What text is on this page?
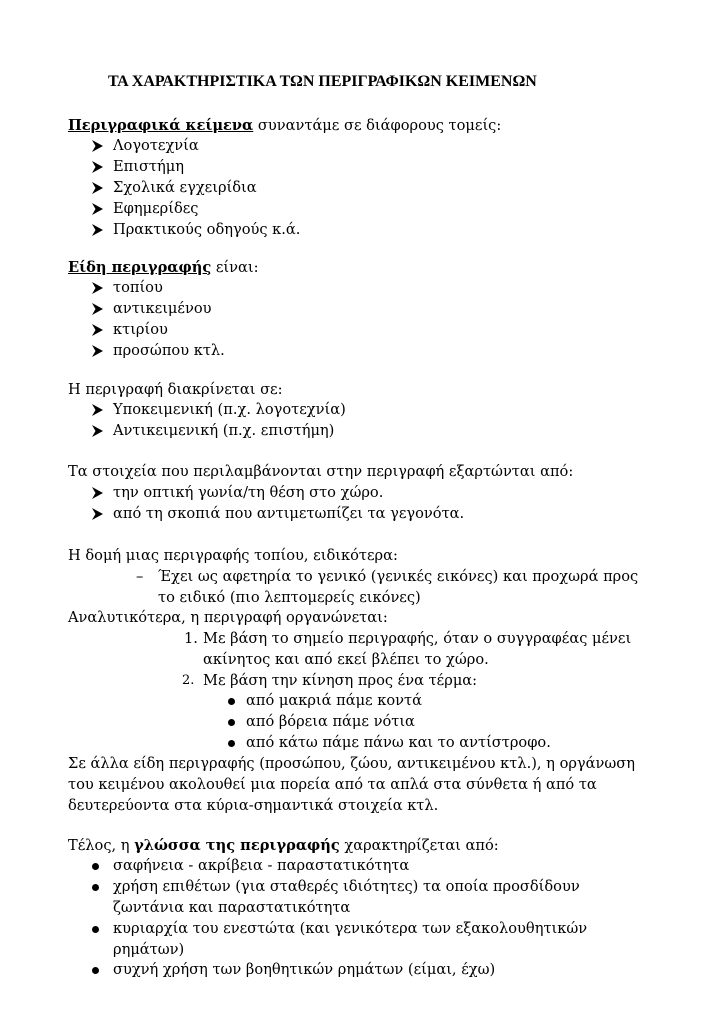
ΤΑ ΧΑΡΑΚΤΗΡΙΣΤΙΚΑ ΤΩΝ ΠΕΡΙΓΡΑΦΙΚΩΝ ΚΕΙΜΕΝΩΝ
Περιγραφικά κείμενα συναντάμε σε διάφορους τομείς:
Λογοτεχνία
Επιστήμη
Σχολικά εγχειρίδια
Εφημερίδες
Πρακτικούς οδηγούς κ.ά.
Είδη περιγραφής είναι:
τοπίου
αντικειμένου
κτιρίου
προσώπου κτλ.
Η περιγραφή διακρίνεται σε:
Υποκειμενική (π.χ. λογοτεχνία)
Αντικειμενική (π.χ. επιστήμη)
Τα στοιχεία που περιλαμβάνονται στην περιγραφή εξαρτώνται από:
την οπτική γωνία/τη θέση στο χώρο.
από τη σκοπιά που αντιμετωπίζει τα γεγονότα.
Η δομή μιας περιγραφής τοπίου, ειδικότερα:
– Έχει ως αφετηρία το γενικό (γενικές εικόνες) και προχωρά προς
το ειδικό (πιο λεπτομερείς εικόνες)
Αναλυτικότερα, η περιγραφή οργανώνεται:
1. Με βάση το σημείο περιγραφής, όταν ο συγγραφέας μένει
ακίνητος και από εκεί βλέπει το χώρο.
2. Με βάση την κίνηση προς ένα τέρμα:
από μακριά πάμε κοντά
από βόρεια πάμε νότια
από κάτω πάμε πάνω και το αντίστροφο.
Σε άλλα είδη περιγραφής (προσώπου, ζώου, αντικειμένου κτλ.), η οργάνωση
του κειμένου ακολουθεί μια πορεία από τα απλά στα σύνθετα ή από τα
δευτερεύοντα στα κύρια-σημαντικά στοιχεία κτλ.
Τέλος, η γλώσσα της περιγραφής χαρακτηρίζεται από:
σαφήνεια - ακρίβεια - παραστατικότητα
χρήση επιθέτων (για σταθερές ιδιότητες) τα οποία προσδίδουν
ζωντάνια και παραστατικότητα
κυριαρχία του ενεστώτα (και γενικότερα των εξακολουθητικών
ρημάτων)
συχνή χρήση των βοηθητικών ρημάτων (είμαι, έχω)
